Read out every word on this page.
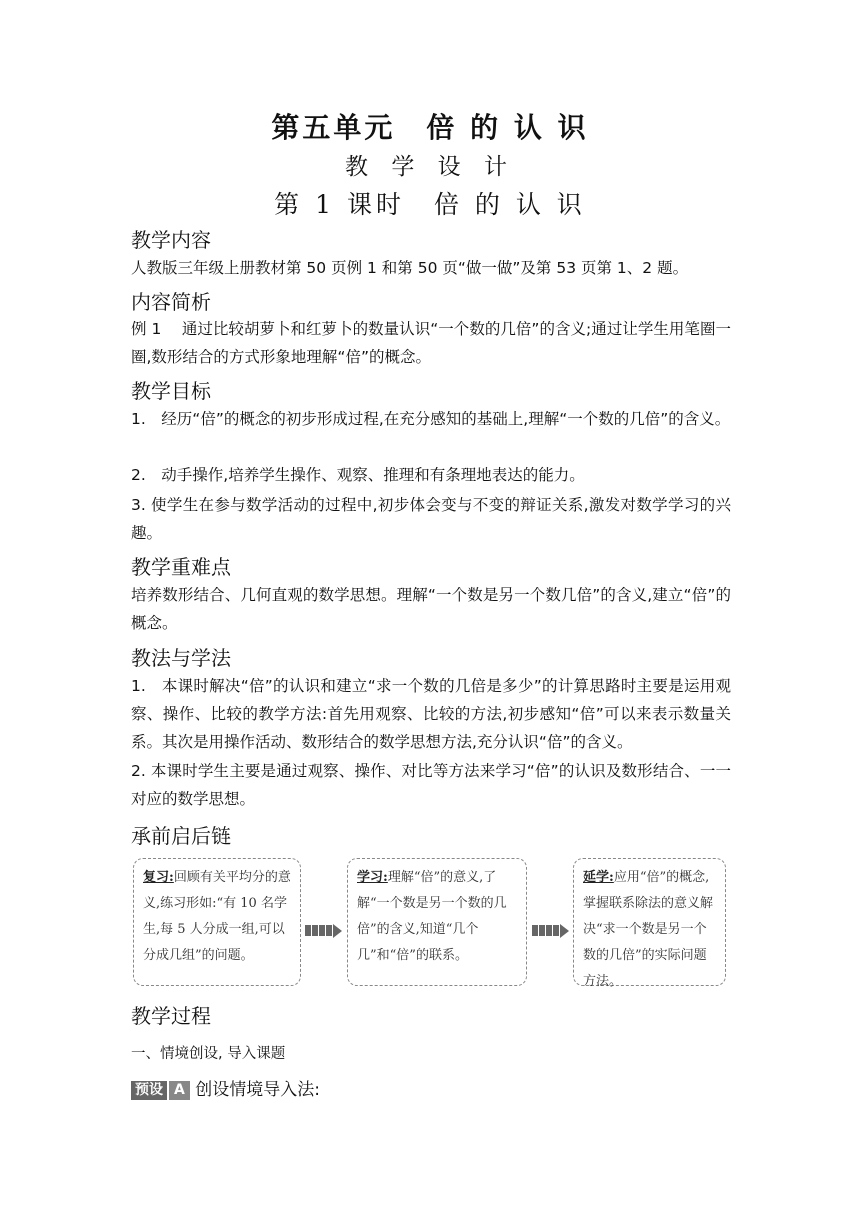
第五单元　倍 的 认 识
教 学 设 计
第 1 课时　倍 的 认 识
教学内容
人教版三年级上册教材第 50 页例 1 和第 50 页“做一做”及第 53 页第 1、2 题。
内容简析
例 1　 通过比较胡萝卜和红萝卜的数量认识“一个数的几倍”的含义;通过让学生用笔圈一圈,数形结合的方式形象地理解“倍”的概念。
教学目标
1.　经历“倍”的概念的初步形成过程,在充分感知的基础上,理解“一个数的几倍”的含义。
2.　动手操作,培养学生操作、观察、推理和有条理地表达的能力。
3. 使学生在参与数学活动的过程中,初步体会变与不变的辩证关系,激发对数学学习的兴趣。
教学重难点
培养数形结合、几何直观的数学思想。理解“一个数是另一个数几倍”的含义,建立“倍”的概念。
教法与学法
1.　本课时解决“倍”的认识和建立“求一个数的几倍是多少”的计算思路时主要是运用观察、操作、比较的教学方法:首先用观察、比较的方法,初步感知“倍”可以来表示数量关系。其次是用操作活动、数形结合的数学思想方法,充分认识“倍”的含义。
2. 本课时学生主要是通过观察、操作、对比等方法来学习“倍”的认识及数形结合、一一对应的数学思想。
承前启后链
复习:回顾有关平均分的意义,练习形如:“有 10 名学生,每 5 人分成一组,可以分成几组”的问题。
学习:理解“倍”的意义,了解“一个数是另一个数的几倍”的含义,知道“几个几”和“倍”的联系。
延学:应用“倍”的概念,掌握联系除法的意义解决“求一个数是另一个数的几倍”的实际问题方法。
教学过程
一、情境创设, 导入课题
预设 A 创设情境导入法:
